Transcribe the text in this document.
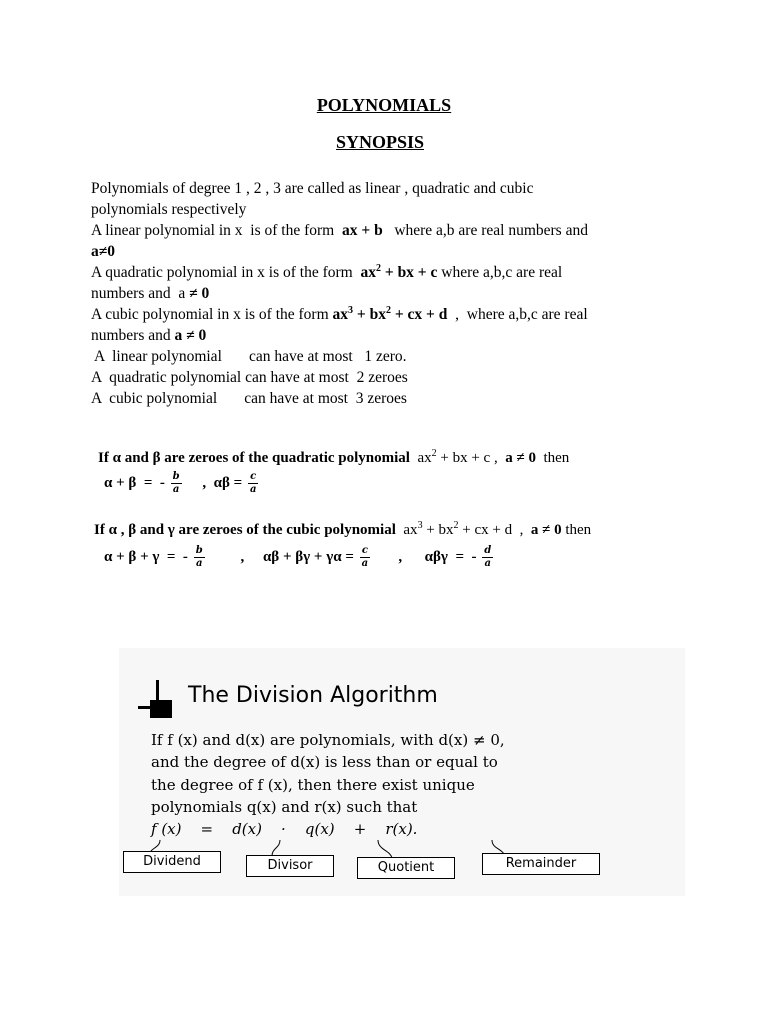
POLYNOMIALS
SYNOPSIS
Polynomials of degree 1 , 2 , 3 are called as linear , quadratic and cubic
polynomials respectively
A linear polynomial in x  is of the form  ax + b   where a,b are real numbers and
a≠0
A quadratic polynomial in x is of the form  $ax^2$ + bx + c where a,b,c are real
numbers and  a ≠ 0
A cubic polynomial in x is of the form $ax^3 + bx^2$ + cx + d  ,  where a,b,c are real
numbers and a ≠ 0
A  linear polynomial       can have at most   1 zero.
A  quadratic polynomial can have at most  2 zeroes
A  cubic polynomial       can have at most  3 zeroes
If α and β are zeroes of the quadratic polynomial  $ax^2$ + bx + c ,  a ≠ 0  then
α + β  =  - $\frac{b}{a}$ ,  $\alpha\beta = \frac{c}{a}$
If α , β and γ are zeroes of the cubic polynomial  $ax^3 + bx^2$ + cx + d  ,  a ≠ 0 then
α + β + γ  =  - $\frac{b}{a}$ ,     $\alpha\beta + \beta\gamma + \gamma\alpha = \frac{c}{a}$ ,      αβγ  =  - $\frac{d}{a}$
The Division Algorithm
If f (x) and d(x) are polynomials, with d(x) ≠ 0,
and the degree of d(x) is less than or equal to
the degree of f (x), then there exist unique
polynomials q(x) and r(x) such that
f (x)    =    d(x)    ·    q(x)    +    r(x).
Dividend	Divisor	Quotient	Remainder
